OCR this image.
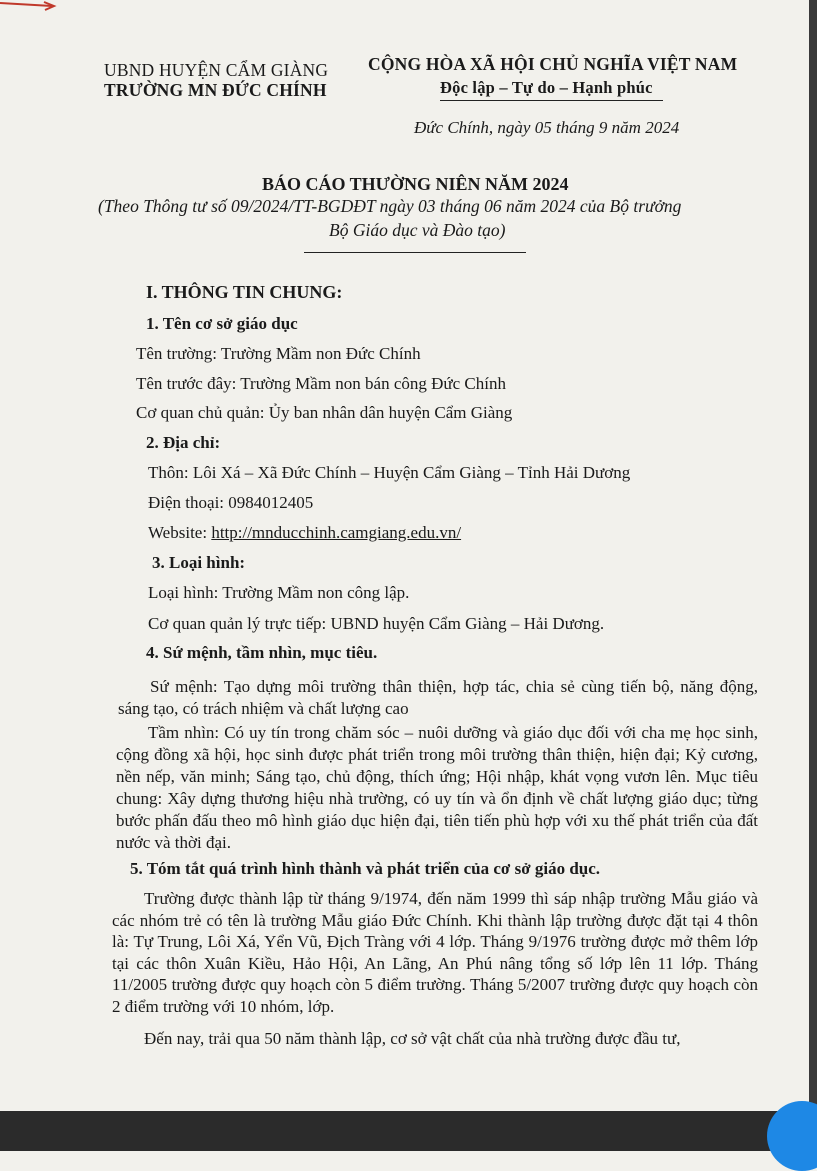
UBND HUYỆN CẨM GIÀNG
TRƯỜNG MN ĐỨC CHÍNH
CỘNG HÒA XÃ HỘI CHỦ NGHĨA VIỆT NAM
Độc lập – Tự do – Hạnh phúc
Đức Chính, ngày 05 tháng 9 năm 2024
BÁO CÁO THƯỜNG NIÊN NĂM 2024
(Theo Thông tư số 09/2024/TT-BGDĐT ngày 03 tháng 06 năm 2024 của Bộ trưởng
Bộ Giáo dục và Đào tạo)
I. THÔNG TIN CHUNG:
1. Tên cơ sở giáo dục
Tên trường: Trường Mầm non Đức Chính
Tên trước đây: Trường Mầm non bán công Đức Chính
Cơ quan chủ quản: Ủy ban nhân dân huyện Cẩm Giàng
2. Địa chỉ:
Thôn: Lôi Xá – Xã Đức Chính – Huyện Cẩm Giàng – Tỉnh Hải Dương
Điện thoại: 0984012405
Website: http://mnducchinh.camgiang.edu.vn/
3. Loại hình:
Loại hình: Trường Mầm non công lập.
Cơ quan quản lý trực tiếp: UBND huyện Cẩm Giàng – Hải Dương.
4. Sứ mệnh, tầm nhìn, mục tiêu.
Sứ mệnh: Tạo dựng môi trường thân thiện, hợp tác, chia sẻ cùng tiến bộ, năng động, sáng tạo, có trách nhiệm và chất lượng cao
Tầm nhìn: Có uy tín trong chăm sóc – nuôi dưỡng và giáo dục đối với cha mẹ học sinh, cộng đồng xã hội, học sinh được phát triển trong môi trường thân thiện, hiện đại; Kỷ cương, nền nếp, văn minh; Sáng tạo, chủ động, thích ứng; Hội nhập, khát vọng vươn lên. Mục tiêu chung: Xây dựng thương hiệu nhà trường, có uy tín và ổn định về chất lượng giáo dục; từng bước phấn đấu theo mô hình giáo dục hiện đại, tiên tiến phù hợp với xu thế phát triển của đất nước và thời đại.
5. Tóm tắt quá trình hình thành và phát triển của cơ sở giáo dục.
Trường được thành lập từ tháng 9/1974, đến năm 1999 thì sáp nhập trường Mẫu giáo và các nhóm trẻ có tên là trường Mẫu giáo Đức Chính. Khi thành lập trường được đặt tại 4 thôn là: Tự Trung, Lôi Xá, Yển Vũ, Địch Tràng với 4 lớp. Tháng 9/1976 trường được mở thêm lớp tại các thôn Xuân Kiều, Hảo Hội, An Lãng, An Phú nâng tổng số lớp lên 11 lớp. Tháng 11/2005 trường được quy hoạch còn 5 điểm trường. Tháng 5/2007 trường được quy hoạch còn 2 điểm trường với 10 nhóm, lớp.
Đến nay, trải qua 50 năm thành lập, cơ sở vật chất của nhà trường được đầu tư,
